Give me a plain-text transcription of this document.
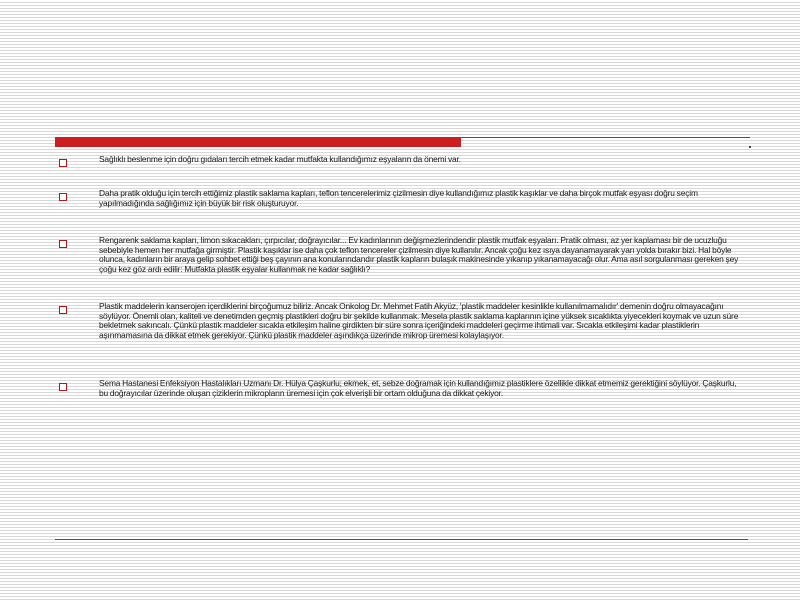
Sağlıklı beslenme için doğru gıdaları tercih etmek kadar mutfakta kullandığımız eşyaların da önemi var.
Daha pratik olduğu için tercih ettiğimiz plastik saklama kapları, teflon tencerelerimiz çizilmesin diye kullandığımız plastik kaşıklar ve daha birçok mutfak eşyası doğru seçim yapılmadığında sağlığımız için büyük bir risk oluşturuyor.
Rengarenk saklama kapları, limon sıkacakları, çırpıcılar, doğrayıcılar... Ev kadınlarının değişmezlerindendir plastik mutfak eşyaları. Pratik olması, az yer kaplaması bir de ucuzluğu sebebiyle hemen her mutfağa girmiştir. Plastik kaşıklar ise daha çok teflon tencereler çizilmesin diye kullanılır. Ancak çoğu kez ısıya dayanamayarak yarı yolda bırakır bizi. Hal böyle olunca, kadınların bir araya gelip sohbet ettiği beş çayının ana konularındandır plastik kapların bulaşık makinesinde yıkanıp yıkanamayacağı olur. Ama asıl sorgulanması gereken şey çoğu kez göz ardı edilir: Mutfakta plastik eşyalar kullanmak ne kadar sağlıklı?
Plastik maddelerin kanserojen içerdiklerini birçoğumuz biliriz. Ancak Onkolog Dr. Mehmet Fatih Akyüz, 'plastik maddeler kesinlikle kullanılmamalıdır' demenin doğru olmayacağını söylüyor. Önemli olan, kaliteli ve denetimden geçmiş plastikleri doğru bir şekilde kullanmak. Mesela plastik saklama kaplarının içine yüksek sıcaklıkta yiyecekleri koymak ve uzun süre bekletmek sakıncalı. Çünkü plastik maddeler sıcakla etkileşim haline girdikten bir süre sonra içeriğindeki maddeleri geçirme ihtimali var. Sıcakla etkileşimi kadar plastiklerin aşınmamasına da dikkat etmek gerekiyor. Çünkü plastik maddeler aşındıkça üzerinde mikrop üremesi kolaylaşıyor.
Sema Hastanesi Enfeksiyon Hastalıkları Uzmanı Dr. Hülya Çaşkurlu; ekmek, et, sebze doğramak için kullandığımız plastiklere özellikle dikkat etmemiz gerektiğini söylüyor. Çaşkurlu, bu doğrayıcılar üzerinde oluşan çiziklerin mikropların üremesi için çok elverişli bir ortam olduğuna da dikkat çekiyor.
